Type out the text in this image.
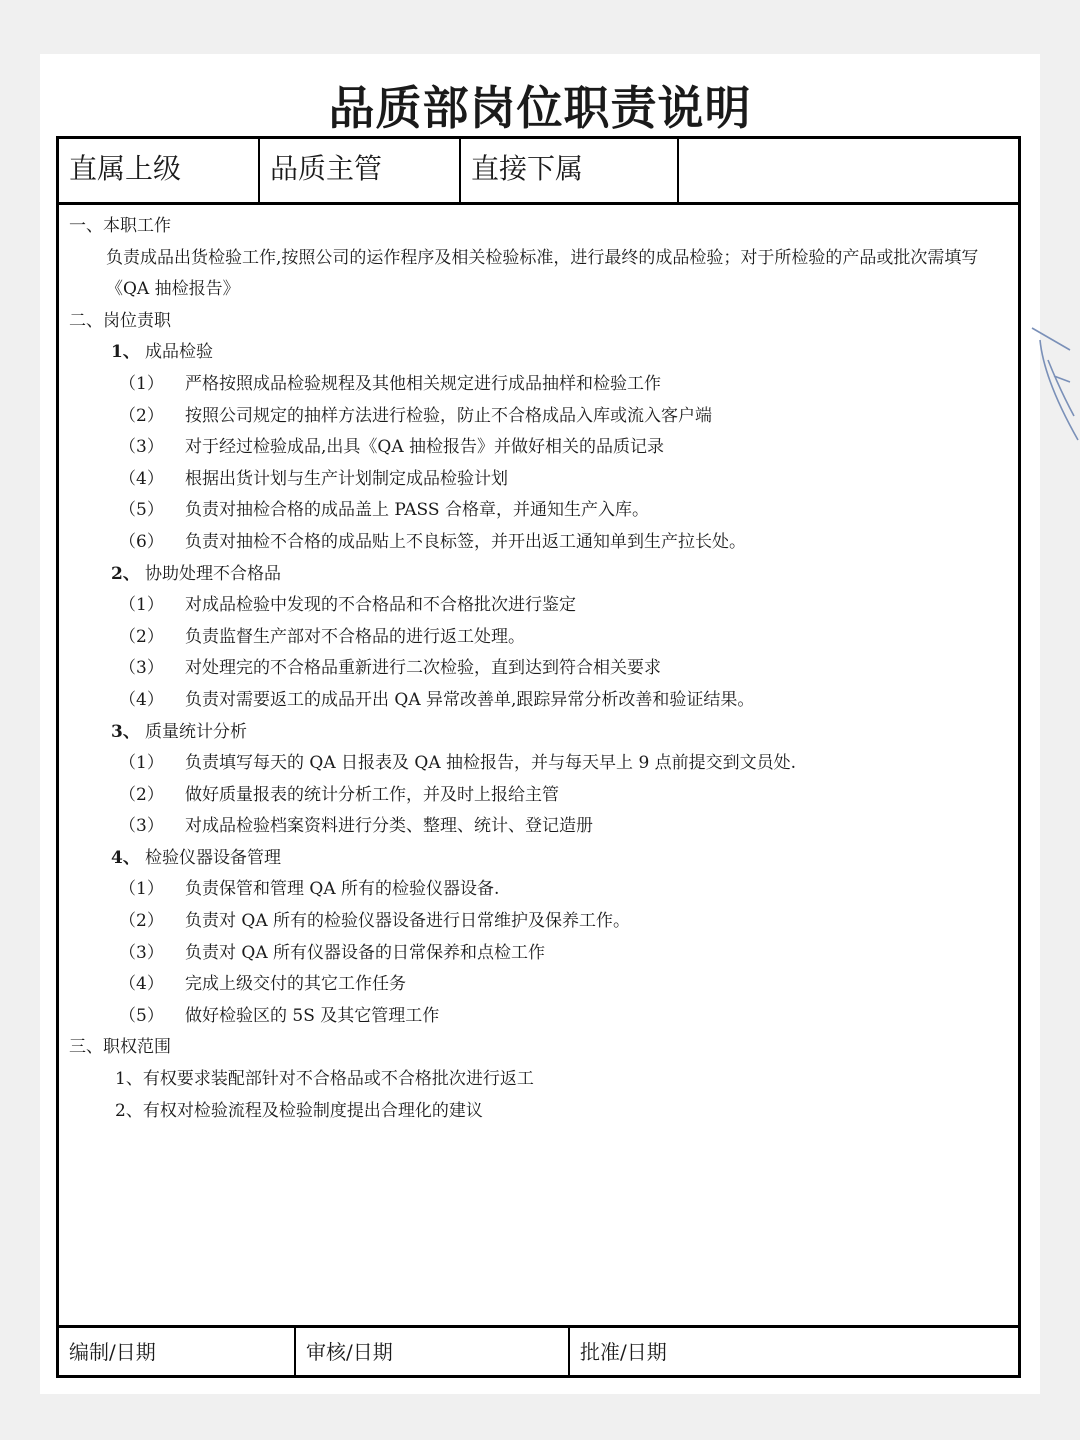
品质部岗位职责说明
直属上级	品质主管	直接下属
一、本职工作
负责成品出货检验工作,按照公司的运作程序及相关检验标准，进行最终的成品检验；对于所检验的产品或批次需填写《QA 抽检报告》
二、岗位责职
1、 成品检验
（1） 严格按照成品检验规程及其他相关规定进行成品抽样和检验工作
（2） 按照公司规定的抽样方法进行检验，防止不合格成品入库或流入客户端
（3） 对于经过检验成品,出具《QA 抽检报告》并做好相关的品质记录
（4） 根据出货计划与生产计划制定成品检验计划
（5） 负责对抽检合格的成品盖上 PASS 合格章，并通知生产入库。
（6） 负责对抽检不合格的成品贴上不良标签，并开出返工通知单到生产拉长处。
2、 协助处理不合格品
（1） 对成品检验中发现的不合格品和不合格批次进行鉴定
（2） 负责监督生产部对不合格品的进行返工处理。
（3） 对处理完的不合格品重新进行二次检验，直到达到符合相关要求
（4） 负责对需要返工的成品开出 QA 异常改善单,跟踪异常分析改善和验证结果。
3、 质量统计分析
（1） 负责填写每天的 QA 日报表及 QA 抽检报告，并与每天早上 9 点前提交到文员处.
（2） 做好质量报表的统计分析工作，并及时上报给主管
（3） 对成品检验档案资料进行分类、整理、统计、登记造册
4、 检验仪器设备管理
（1） 负责保管和管理 QA 所有的检验仪器设备.
（2） 负责对 QA 所有的检验仪器设备进行日常维护及保养工作。
（3） 负责对 QA 所有仪器设备的日常保养和点检工作
（4） 完成上级交付的其它工作任务
（5） 做好检验区的 5S 及其它管理工作
三、职权范围
1、有权要求装配部针对不合格品或不合格批次进行返工
2、有权对检验流程及检验制度提出合理化的建议
编制/日期	审核/日期	批准/日期
